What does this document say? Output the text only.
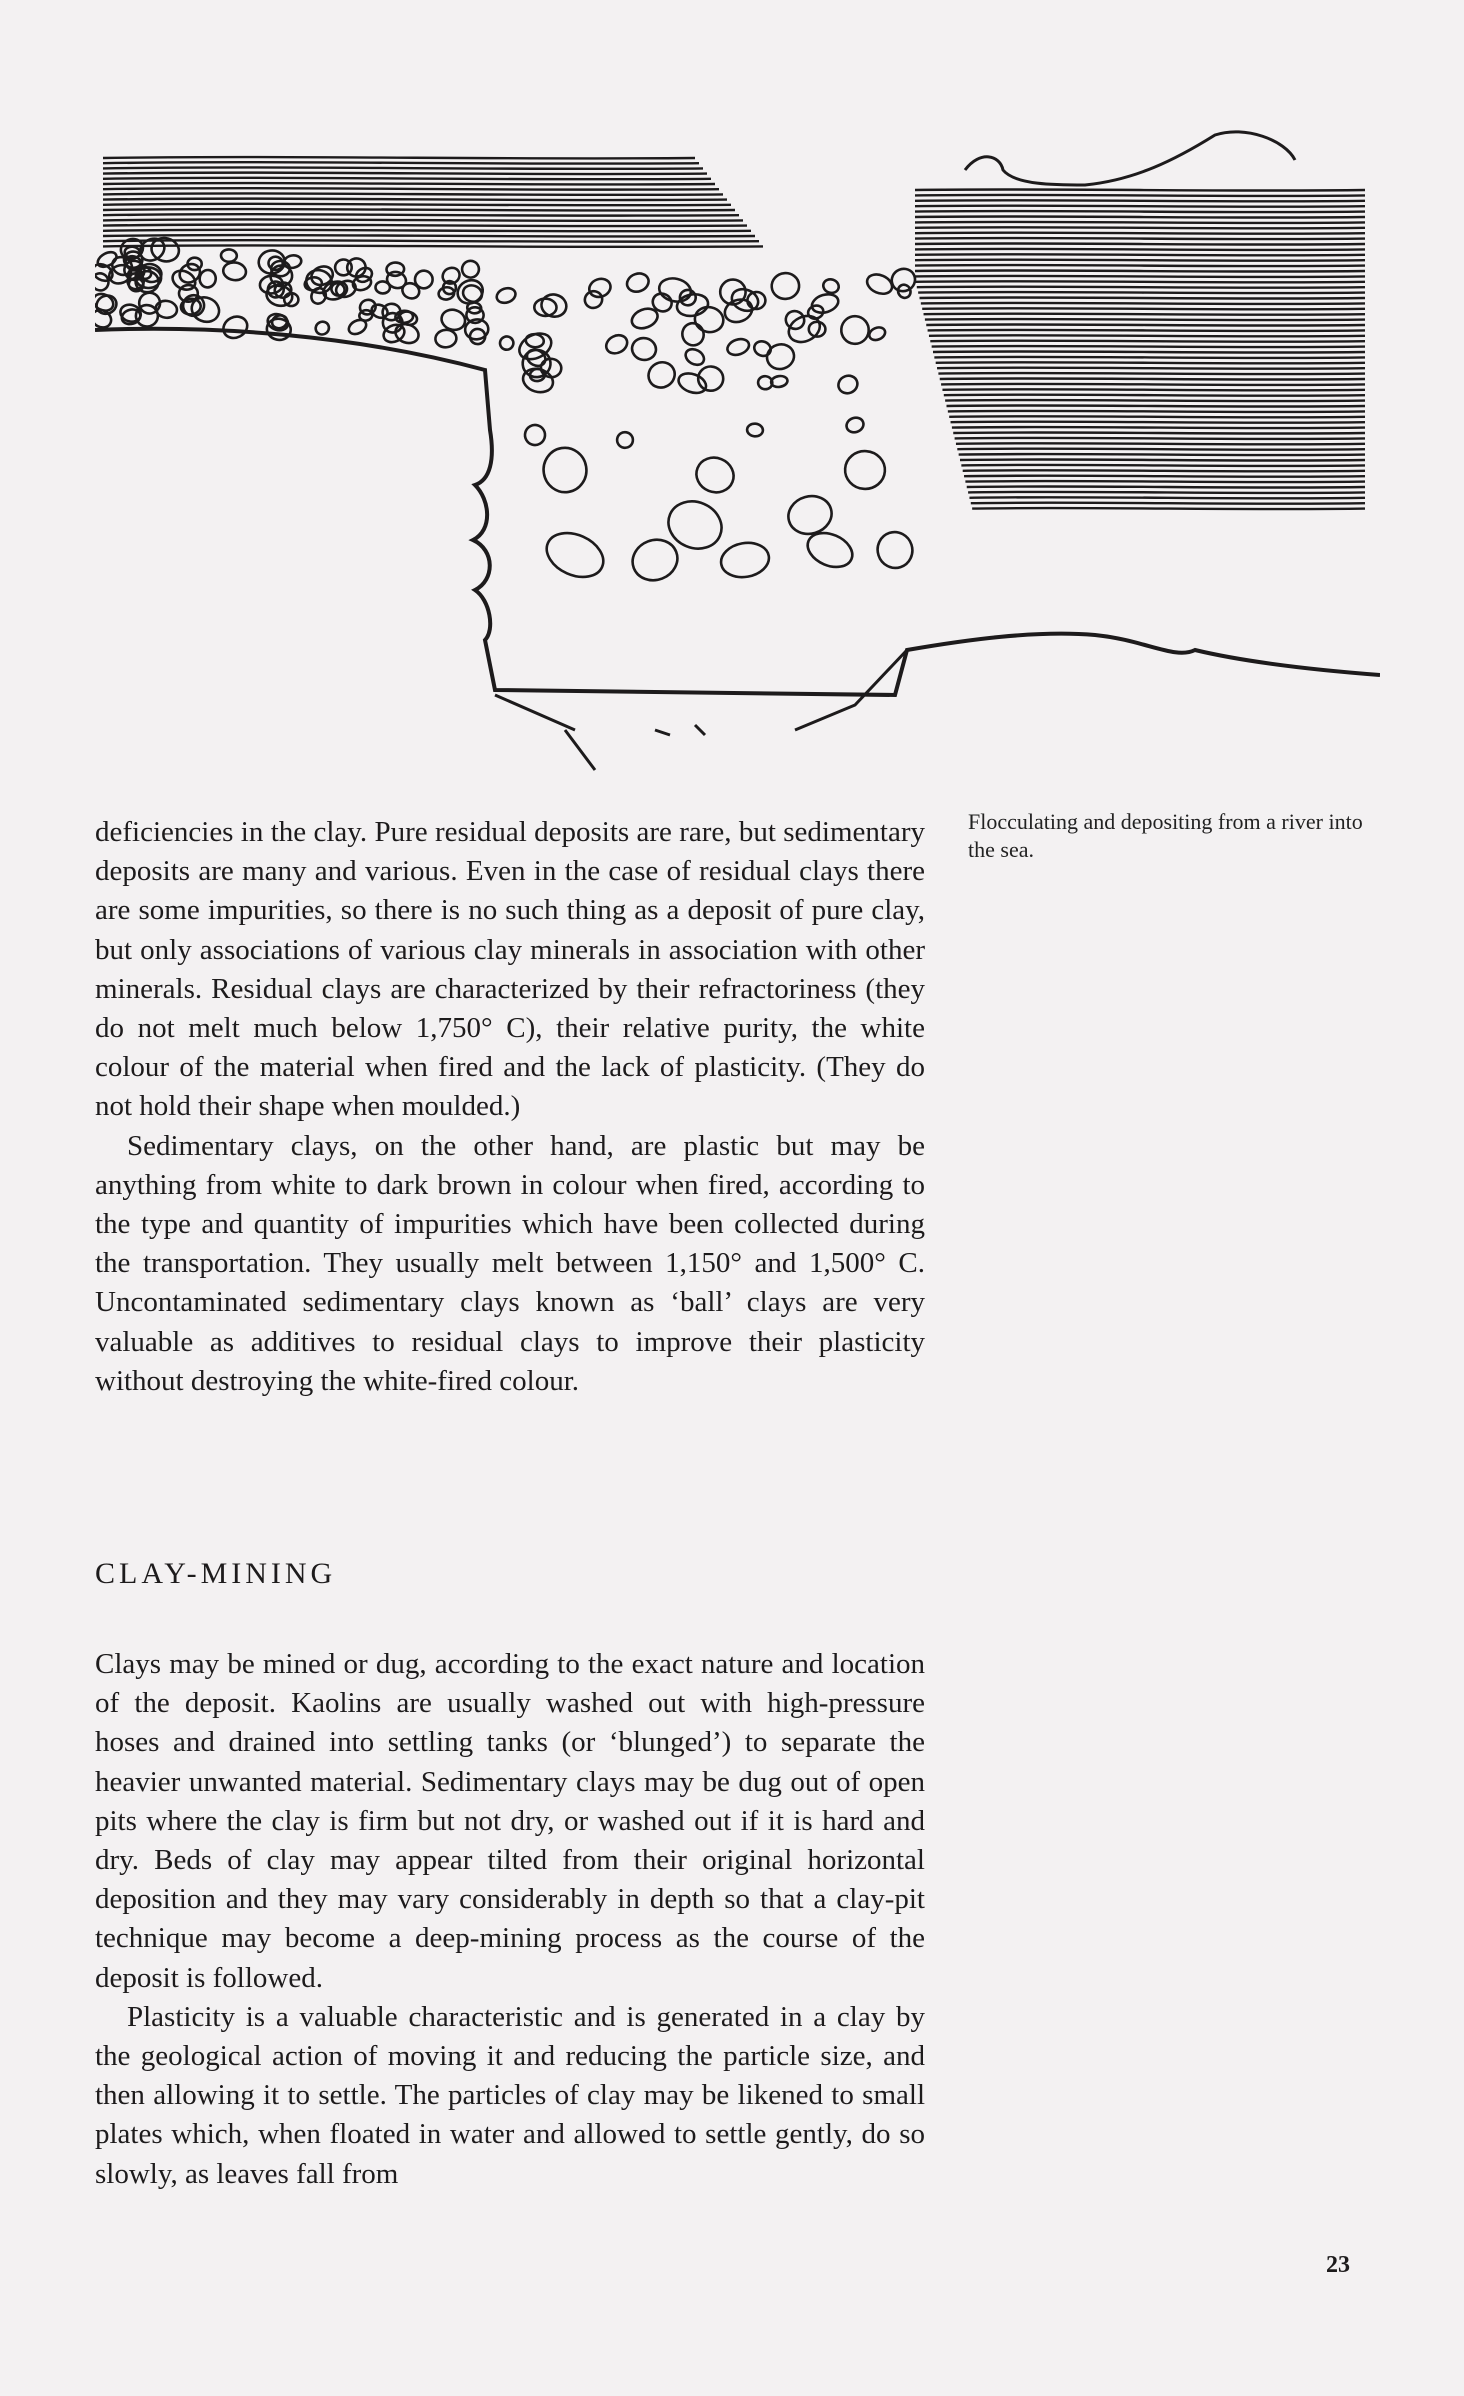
Flocculating and depositing from a river into the sea.

deficiencies in the clay. Pure residual deposits are rare, but sedimentary deposits are many and various. Even in the case of residual clays there are some impurities, so there is no such thing as a deposit of pure clay, but only associations of various clay minerals in association with other minerals. Residual clays are characterized by their refractoriness (they do not melt much below 1,750° C), their relative purity, the white colour of the material when fired and the lack of plasticity. (They do not hold their shape when moulded.)

Sedimentary clays, on the other hand, are plastic but may be anything from white to dark brown in colour when fired, according to the type and quantity of impurities which have been collected during the transportation. They usually melt between 1,150° and 1,500° C. Uncontaminated sedimentary clays known as ‘ball’ clays are very valuable as additives to residual clays to improve their plasticity without destroying the white-fired colour.

CLAY-MINING

Clays may be mined or dug, according to the exact nature and location of the deposit. Kaolins are usually washed out with high-pressure hoses and drained into settling tanks (or ‘blunged’) to separate the heavier unwanted material. Sedimentary clays may be dug out of open pits where the clay is firm but not dry, or washed out if it is hard and dry. Beds of clay may appear tilted from their original horizontal deposition and they may vary considerably in depth so that a clay-pit technique may become a deep-mining process as the course of the deposit is followed.

Plasticity is a valuable characteristic and is generated in a clay by the geological action of moving it and reducing the particle size, and then allowing it to settle. The particles of clay may be likened to small plates which, when floated in water and allowed to settle gently, do so slowly, as leaves fall from

23
